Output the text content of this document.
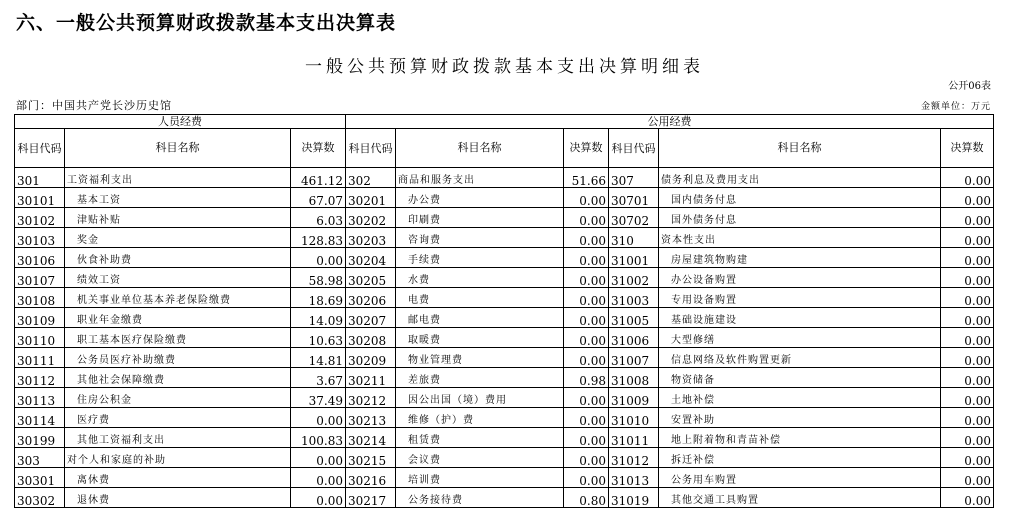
六、一般公共预算财政拨款基本支出决算表
一般公共预算财政拨款基本支出决算明细表
公开06表
部门：中国共产党长沙历史馆	金额单位：万元
人员经费			公用经费					
科目代码	科目名称	决算数	科目代码	科目名称	决算数	科目代码	科目名称	决算数
301	工资福利支出	461.12	302	商品和服务支出	51.66	307	债务利息及费用支出	0.00
30101	基本工资	67.07	30201	办公费	0.00	30701	国内债务付息	0.00
30102	津贴补贴	6.03	30202	印刷费	0.00	30702	国外债务付息	0.00
30103	奖金	128.83	30203	咨询费	0.00	310	资本性支出	0.00
30106	伙食补助费	0.00	30204	手续费	0.00	31001	房屋建筑物购建	0.00
30107	绩效工资	58.98	30205	水费	0.00	31002	办公设备购置	0.00
30108	机关事业单位基本养老保险缴费	18.69	30206	电费	0.00	31003	专用设备购置	0.00
30109	职业年金缴费	14.09	30207	邮电费	0.00	31005	基础设施建设	0.00
30110	职工基本医疗保险缴费	10.63	30208	取暖费	0.00	31006	大型修缮	0.00
30111	公务员医疗补助缴费	14.81	30209	物业管理费	0.00	31007	信息网络及软件购置更新	0.00
30112	其他社会保障缴费	3.67	30211	差旅费	0.98	31008	物资储备	0.00
30113	住房公积金	37.49	30212	因公出国（境）费用	0.00	31009	土地补偿	0.00
30114	医疗费	0.00	30213	维修（护）费	0.00	31010	安置补助	0.00
30199	其他工资福利支出	100.83	30214	租赁费	0.00	31011	地上附着物和青苗补偿	0.00
303	对个人和家庭的补助	0.00	30215	会议费	0.00	31012	拆迁补偿	0.00
30301	离休费	0.00	30216	培训费	0.00	31013	公务用车购置	0.00
30302	退休费	0.00	30217	公务接待费	0.80	31019	其他交通工具购置	0.00
